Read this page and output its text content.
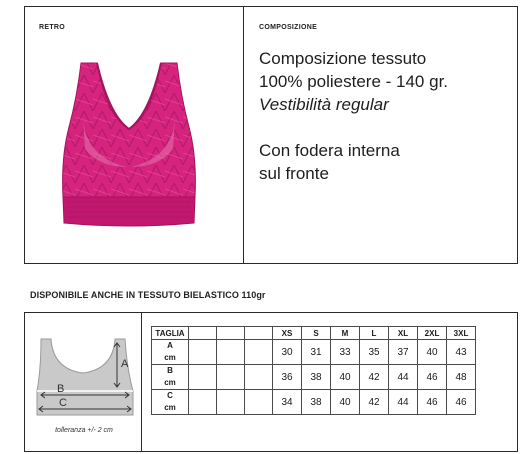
RETRO	COMPOSIZIONE
Composizione tessuto
100% poliestere - 140 gr.
Vestibilità regular
Con fodera interna
sul fronte
DISPONIBILE ANCHE IN TESSUTO BIELASTICO 110gr
A
B
C
tolleranza +/- 2 cm
TAGLIA				XS	S	M	L	XL	2XL	3XL
A
cm				30	31	33	35	37	40	43
B
cm				36	38	40	42	44	46	48
C
cm				34	38	40	42	44	46	46
